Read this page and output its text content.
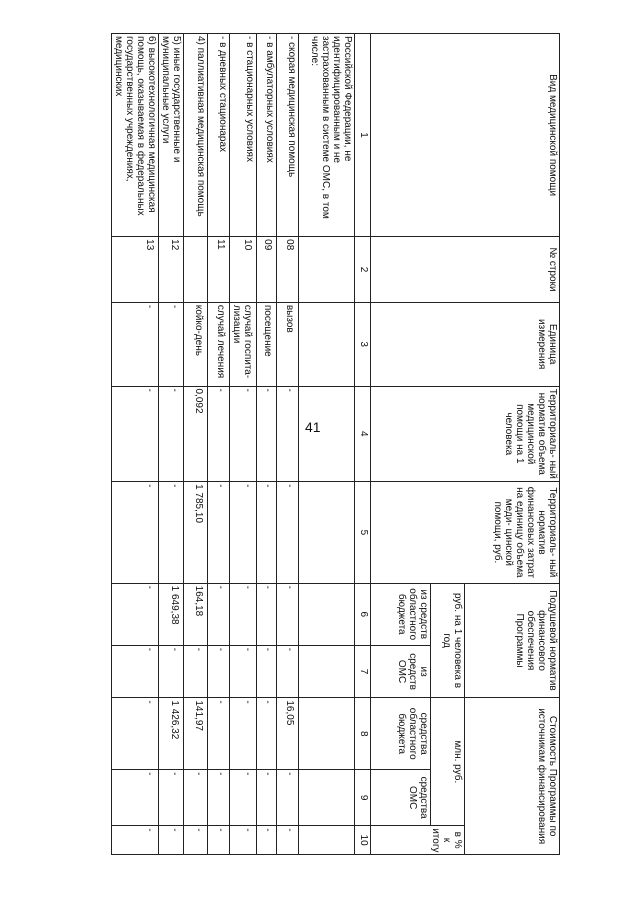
41
Вид медицинской помощи	№ строки	Единица измерения	Территориаль- ный норматив объема медицинской помощи на 1 человека	Территориаль- ный норматив финансовых затрат на единицу объема меди- цинской помощи, руб.	Подушевой норматив финансового обеспечения Программы		Стоимость Программы по источникам финансирования		
					руб. на 1 человека в год		млн. руб.		в % к итогу
					из средств областного бюджета	из средств ОМС	средства областного бюджета	средства ОМС	
1	2	3	4	5	6	7	8	9	10
Российской Федерации, не идентифицированным и не застрахованным в системе ОМС, в том числе:									
- скорая медицинская помощь	08	вызов	-	-	-	-	16,05	-	-
- в амбулаторных условиях	09	посещение	-	-	-	-	-	-	-
- в стационарных условиях	10	случай госпита- лизации	-	-	-	-	-	-	-
- в дневных стационарах	11	случай лечения	-	-	-	-	-	-	-
4) паллиативная медицинская помощь		койко-день	0,092	1 785,10	164,18	-	141,97	-	-
5) иные государственные и муниципальные услуги	12	-	-	-	1 649,38	-	1 426,32	-	-
6) высокотехнологичная медицинская помощь, оказываемая в федеральных государственных учреждениях, медицинских	13	-	-	-	-	-	-	-	-
